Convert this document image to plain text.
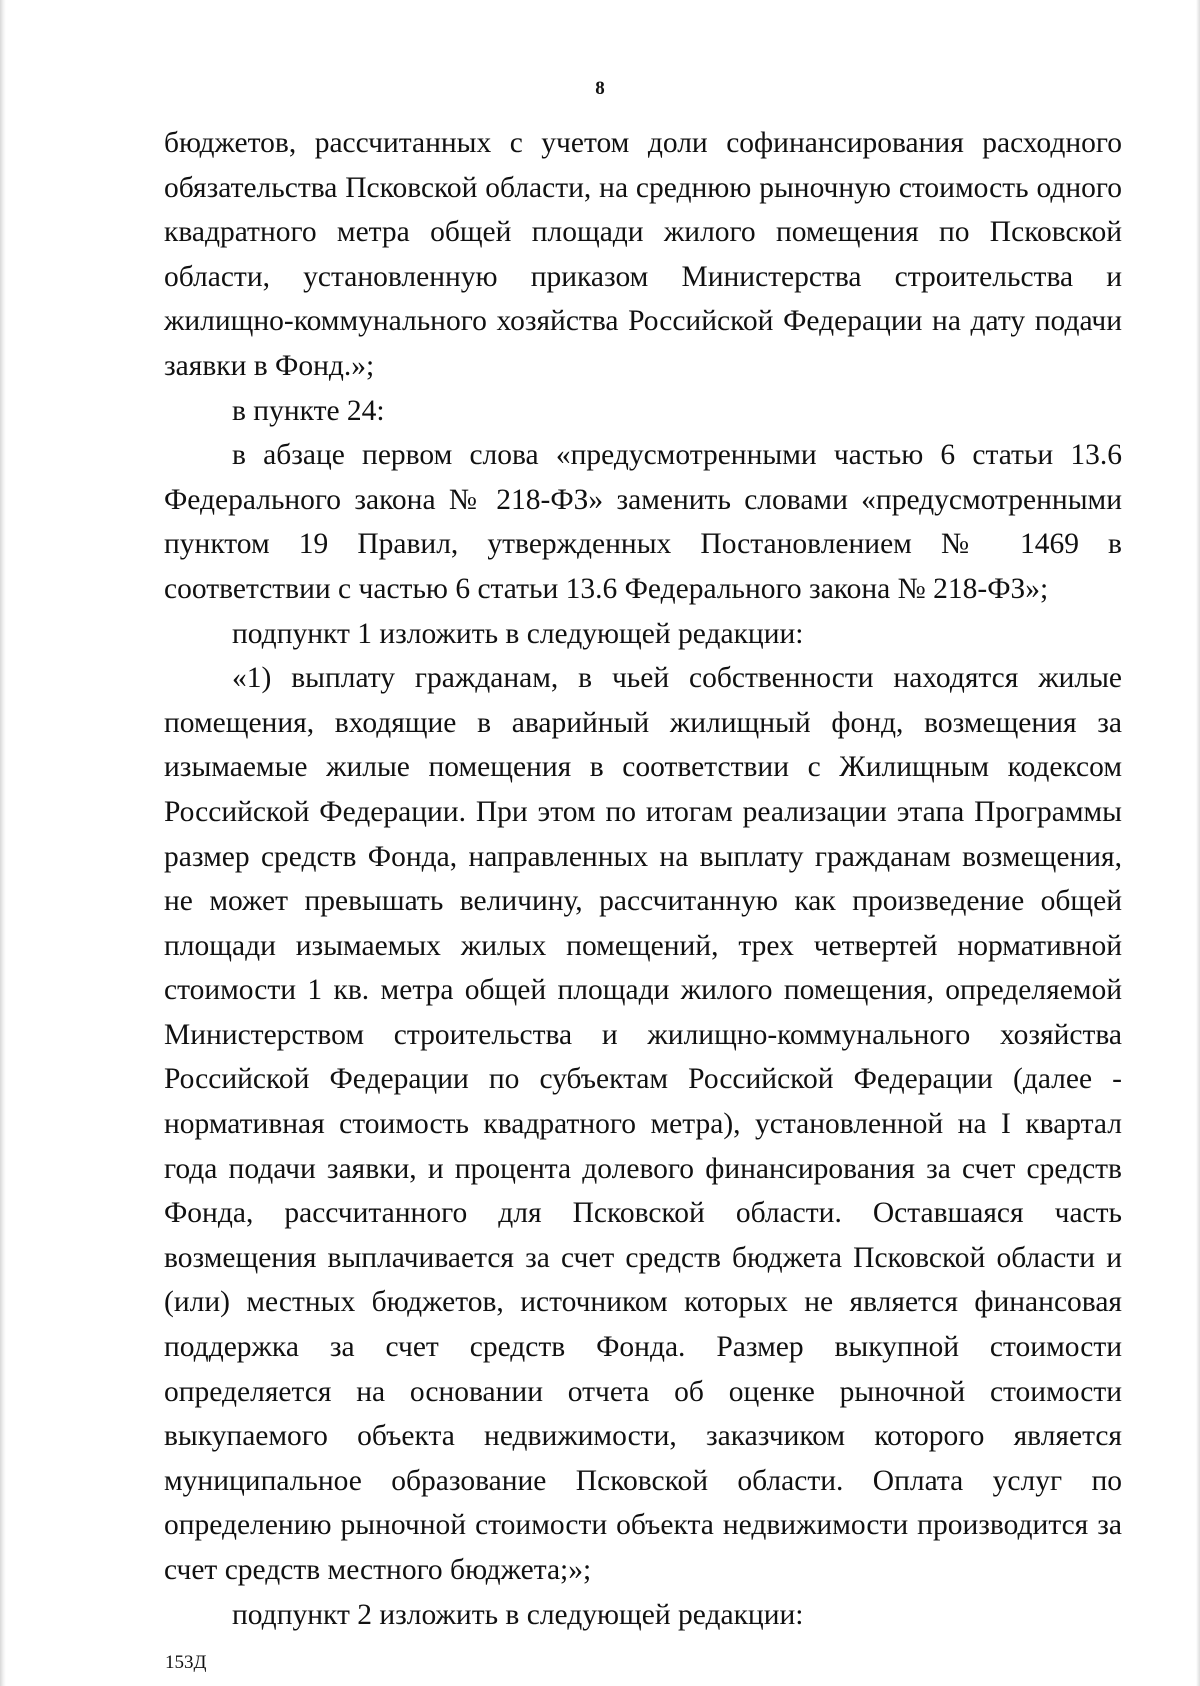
8

бюджетов, рассчитанных с учетом доли софинансирования расходного обязательства Псковской области, на среднюю рыночную стоимость одного квадратного метра общей площади жилого помещения по Псковской области, установленную приказом Министерства строительства и жилищно-коммунального хозяйства Российской Федерации на дату подачи заявки в Фонд.»;

в пункте 24:

в абзаце первом слова «предусмотренными частью 6 статьи 13.6 Федерального закона № 218-ФЗ» заменить словами «предусмотренными пунктом 19 Правил, утвержденных Постановлением № 1469 в соответствии с частью 6 статьи 13.6 Федерального закона № 218-ФЗ»;

подпункт 1 изложить в следующей редакции:

«1) выплату гражданам, в чьей собственности находятся жилые помещения, входящие в аварийный жилищный фонд, возмещения за изымаемые жилые помещения в соответствии с Жилищным кодексом Российской Федерации. При этом по итогам реализации этапа Программы размер средств Фонда, направленных на выплату гражданам возмещения, не может превышать величину, рассчитанную как произведение общей площади изымаемых жилых помещений, трех четвертей нормативной стоимости 1 кв. метра общей площади жилого помещения, определяемой Министерством строительства и жилищно-коммунального хозяйства Российской Федерации по субъектам Российской Федерации (далее - нормативная стоимость квадратного метра), установленной на I квартал года подачи заявки, и процента долевого финансирования за счет средств Фонда, рассчитанного для Псковской области. Оставшаяся часть возмещения выплачивается за счет средств бюджета Псковской области и (или) местных бюджетов, источником которых не является финансовая поддержка за счет средств Фонда. Размер выкупной стоимости определяется на основании отчета об оценке рыночной стоимости выкупаемого объекта недвижимости, заказчиком которого является муниципальное образование Псковской области. Оплата услуг по определению рыночной стоимости объекта недвижимости производится за счет средств местного бюджета;»;

подпункт 2 изложить в следующей редакции:

153Д
